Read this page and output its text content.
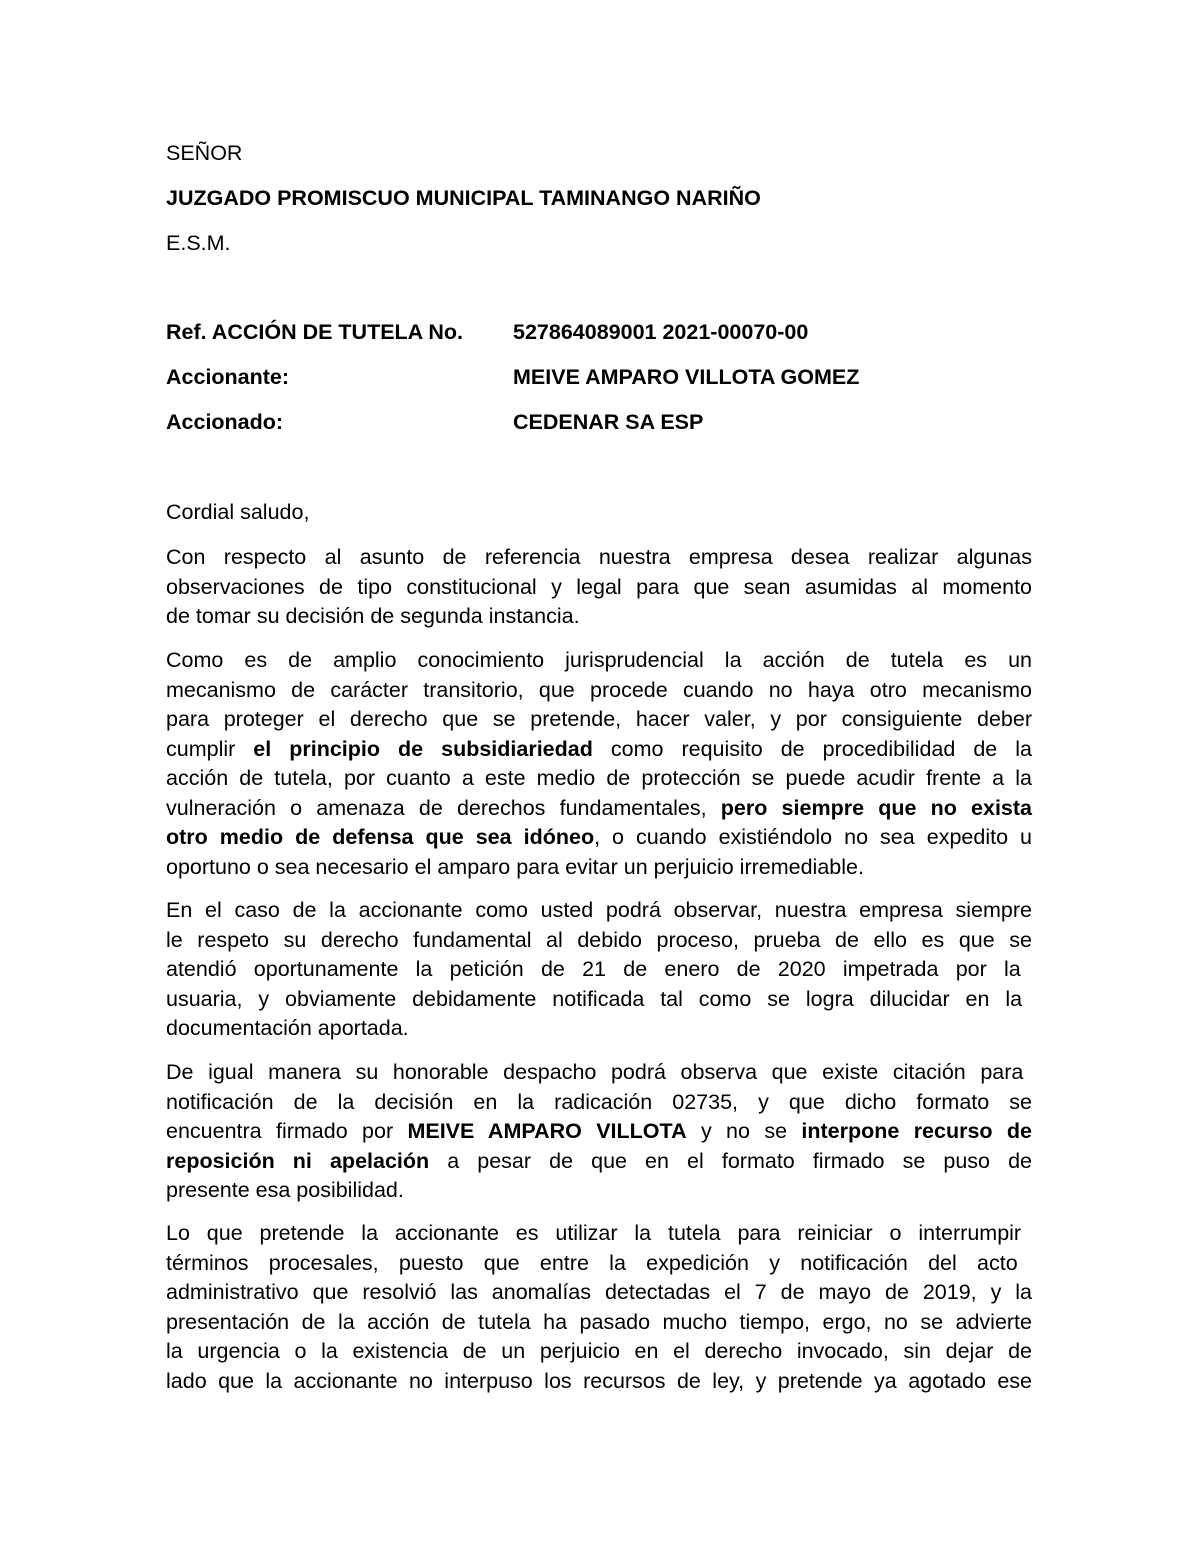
SEÑOR
JUZGADO PROMISCUO MUNICIPAL TAMINANGO NARIÑO
E.S.M.
Ref. ACCIÓN DE TUTELA No. 527864089001 2021-00070-00
Accionante:	MEIVE AMPARO VILLOTA GOMEZ
Accionado:	CEDENAR SA ESP
Cordial saludo,
Con respecto al asunto de referencia nuestra empresa desea realizar algunas
observaciones de tipo constitucional y legal para que sean asumidas al momento
de tomar su decisión de segunda instancia.
Como es de amplio conocimiento jurisprudencial la acción de tutela es un
mecanismo de carácter transitorio, que procede cuando no haya otro mecanismo
para proteger el derecho que se pretende, hacer valer, y por consiguiente deber
cumplir el principio de subsidiariedad como requisito de procedibilidad de la
acción de tutela, por cuanto a este medio de protección se puede acudir frente a la
vulneración o amenaza de derechos fundamentales, pero siempre que no exista
otro medio de defensa que sea idóneo, o cuando existiéndolo no sea expedito u
oportuno o sea necesario el amparo para evitar un perjuicio irremediable.
En el caso de la accionante como usted podrá observar, nuestra empresa siempre
le respeto su derecho fundamental al debido proceso, prueba de ello es que se
atendió oportunamente la petición de 21 de enero de 2020 impetrada por la
usuaria, y obviamente debidamente notificada tal como se logra dilucidar en la
documentación aportada.
De igual manera su honorable despacho podrá observa que existe citación para
notificación de la decisión en la radicación 02735, y que dicho formato se
encuentra firmado por MEIVE AMPARO VILLOTA y no se interpone recurso de
reposición ni apelación a pesar de que en el formato firmado se puso de
presente esa posibilidad.
Lo que pretende la accionante es utilizar la tutela para reiniciar o interrumpir
términos procesales, puesto que entre la expedición y notificación del acto
administrativo que resolvió las anomalías detectadas el 7 de mayo de 2019, y la
presentación de la acción de tutela ha pasado mucho tiempo, ergo, no se advierte
la urgencia o la existencia de un perjuicio en el derecho invocado, sin dejar de
lado que la accionante no interpuso los recursos de ley, y pretende ya agotado ese
